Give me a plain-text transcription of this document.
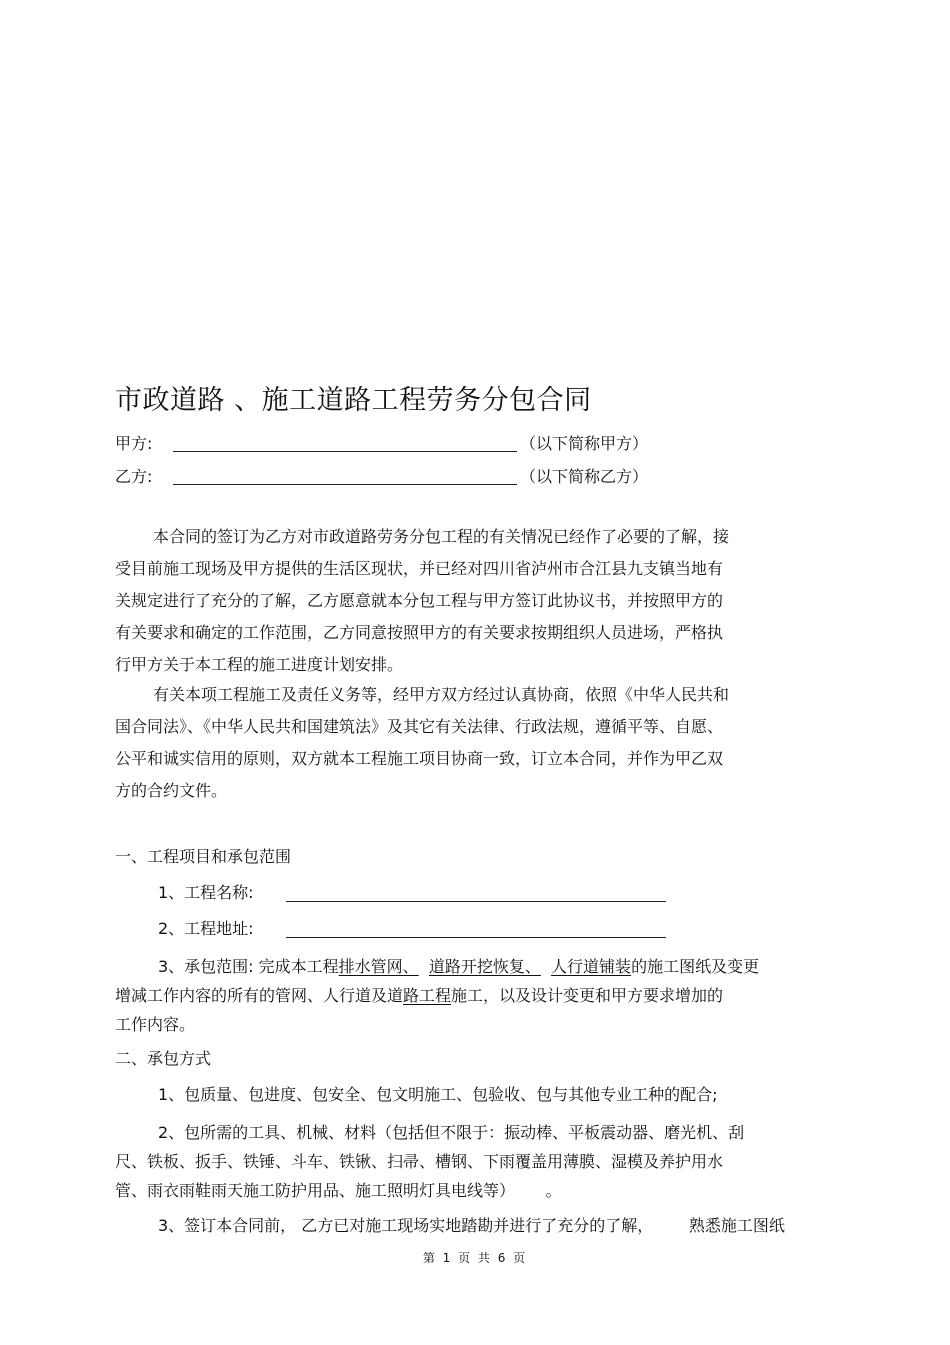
市政道路 、施工道路工程劳务分包合同
甲方:	（以下简称甲方）
乙方:	（以下简称乙方）
本合同的签订为乙方对市政道路劳务分包工程的有关情况已经作了必要的了解，接
受目前施工现场及甲方提供的生活区现状，并已经对四川省泸州市合江县九支镇当地有
关规定进行了充分的了解，乙方愿意就本分包工程与甲方签订此协议书，并按照甲方的
有关要求和确定的工作范围，乙方同意按照甲方的有关要求按期组织人员进场，严格执
行甲方关于本工程的施工进度计划安排。
有关本项工程施工及责任义务等，经甲方双方经过认真协商，依照《中华人民共和
国合同法》、《中华人民共和国建筑法》及其它有关法律、行政法规，遵循平等、自愿、
公平和诚实信用的原则，双方就本工程施工项目协商一致，订立本合同，并作为甲乙双
方的合约文件。
一、工程项目和承包范围
1、工程名称:
2、工程地址:
3、承包范围: 完成本工程排水管网、 道路开挖恢复、 人行道铺装的施工图纸及变更
增减工作内容的所有的管网、人行道及道路工程施工，以及设计变更和甲方要求增加的
工作内容。
二、承包方式
1、包质量、包进度、包安全、包文明施工、包验收、包与其他专业工种的配合;
2、包所需的工具、机械、材料（包括但不限于：振动棒、平板震动器、磨光机、刮
尺、铁板、扳手、铁锤、斗车、铁锹、扫帚、槽钢、下雨覆盖用薄膜、湿模及养护用水
管、雨衣雨鞋雨天施工防护用品、施工照明灯具电线等）      。
3、签订本合同前， 乙方已对施工现场实地踏勘并进行了充分的了解，       熟悉施工图纸
第 1 页 共 6 页
